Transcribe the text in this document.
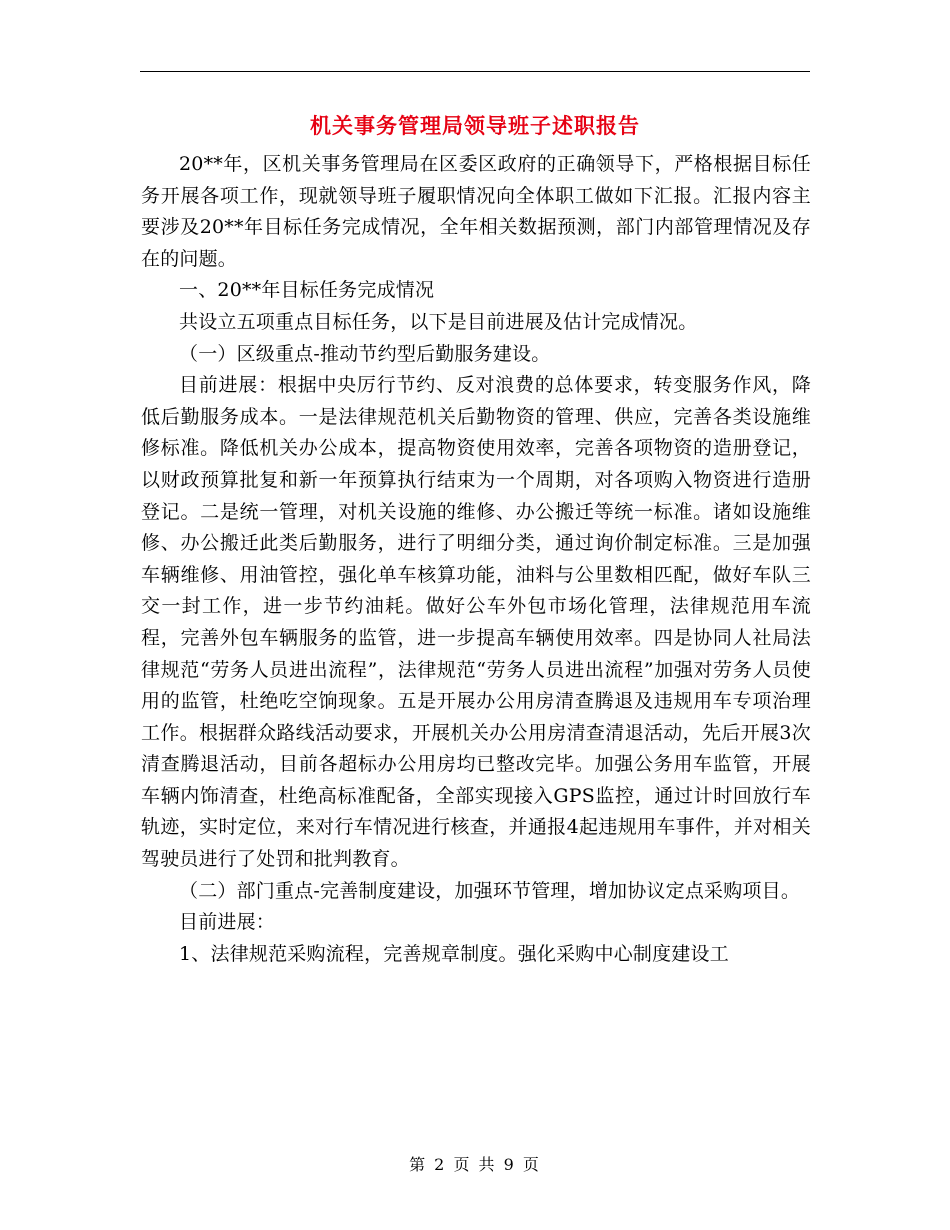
机关事务管理局领导班子述职报告

20**年，区机关事务管理局在区委区政府的正确领导下，严格根据目标任务开展各项工作，现就领导班子履职情况向全体职工做如下汇报。汇报内容主要涉及20**年目标任务完成情况，全年相关数据预测，部门内部管理情况及存在的问题。

一、20**年目标任务完成情况

共设立五项重点目标任务，以下是目前进展及估计完成情况。

（一）区级重点-推动节约型后勤服务建设。

目前进展：根据中央厉行节约、反对浪费的总体要求，转变服务作风，降低后勤服务成本。一是法律规范机关后勤物资的管理、供应，完善各类设施维修标准。降低机关办公成本，提高物资使用效率，完善各项物资的造册登记，以财政预算批复和新一年预算执行结束为一个周期，对各项购入物资进行造册登记。二是统一管理，对机关设施的维修、办公搬迁等统一标准。诸如设施维修、办公搬迁此类后勤服务，进行了明细分类，通过询价制定标准。三是加强车辆维修、用油管控，强化单车核算功能，油料与公里数相匹配，做好车队三交一封工作，进一步节约油耗。做好公车外包市场化管理，法律规范用车流程，完善外包车辆服务的监管，进一步提高车辆使用效率。四是协同人社局法律规范“劳务人员进出流程”，法律规范“劳务人员进出流程”加强对劳务人员使用的监管，杜绝吃空饷现象。五是开展办公用房清查腾退及违规用车专项治理工作。根据群众路线活动要求，开展机关办公用房清查清退活动，先后开展3次清查腾退活动，目前各超标办公用房均已整改完毕。加强公务用车监管，开展车辆内饰清查，杜绝高标准配备，全部实现接入GPS监控，通过计时回放行车轨迹，实时定位，来对行车情况进行核查，并通报4起违规用车事件，并对相关驾驶员进行了处罚和批判教育。

（二）部门重点-完善制度建设，加强环节管理，增加协议定点采购项目。

目前进展：

1、法律规范采购流程，完善规章制度。强化采购中心制度建设工

第 2 页 共 9 页
